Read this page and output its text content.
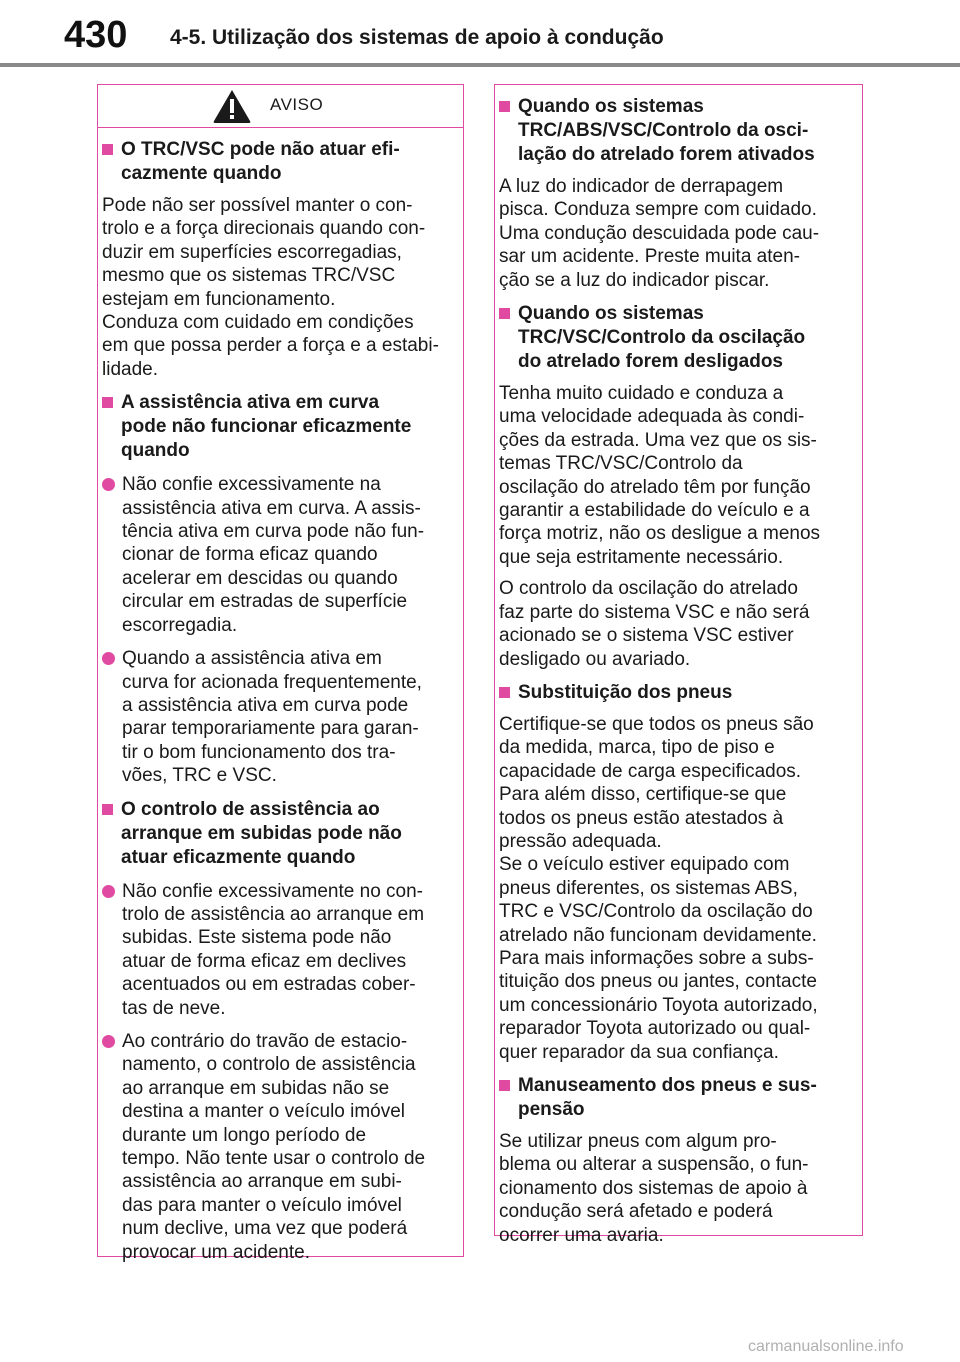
430 4-5. Utilização dos sistemas de apoio à condução
AVISO
O TRC/VSC pode não atuar efi-
cazmente quando
Pode não ser possível manter o con-
trolo e a força direcionais quando con-
duzir em superfícies escorregadias,
mesmo que os sistemas TRC/VSC
estejam em funcionamento.
Conduza com cuidado em condições
em que possa perder a força e a estabi-
lidade.
A assistência ativa em curva
pode não funcionar eficazmente
quando
Não confie excessivamente na
assistência ativa em curva. A assis-
tência ativa em curva pode não fun-
cionar de forma eficaz quando
acelerar em descidas ou quando
circular em estradas de superfície
escorregadia.
Quando a assistência ativa em
curva for acionada frequentemente,
a assistência ativa em curva pode
parar temporariamente para garan-
tir o bom funcionamento dos tra-
vões, TRC e VSC.
O controlo de assistência ao
arranque em subidas pode não
atuar eficazmente quando
Não confie excessivamente no con-
trolo de assistência ao arranque em
subidas. Este sistema pode não
atuar de forma eficaz em declives
acentuados ou em estradas cober-
tas de neve.
Ao contrário do travão de estacio-
namento, o controlo de assistência
ao arranque em subidas não se
destina a manter o veículo imóvel
durante um longo período de
tempo. Não tente usar o controlo de
assistência ao arranque em subi-
das para manter o veículo imóvel
num declive, uma vez que poderá
provocar um acidente.
Quando os sistemas
TRC/ABS/VSC/Controlo da osci-
lação do atrelado forem ativados
A luz do indicador de derrapagem
pisca. Conduza sempre com cuidado.
Uma condução descuidada pode cau-
sar um acidente. Preste muita aten-
ção se a luz do indicador piscar.
Quando os sistemas
TRC/VSC/Controlo da oscilação
do atrelado forem desligados
Tenha muito cuidado e conduza a
uma velocidade adequada às condi-
ções da estrada. Uma vez que os sis-
temas TRC/VSC/Controlo da
oscilação do atrelado têm por função
garantir a estabilidade do veículo e a
força motriz, não os desligue a menos
que seja estritamente necessário.
O controlo da oscilação do atrelado
faz parte do sistema VSC e não será
acionado se o sistema VSC estiver
desligado ou avariado.
Substituição dos pneus
Certifique-se que todos os pneus são
da medida, marca, tipo de piso e
capacidade de carga especificados.
Para além disso, certifique-se que
todos os pneus estão atestados à
pressão adequada.
Se o veículo estiver equipado com
pneus diferentes, os sistemas ABS,
TRC e VSC/Controlo da oscilação do
atrelado não funcionam devidamente.
Para mais informações sobre a subs-
tituição dos pneus ou jantes, contacte
um concessionário Toyota autorizado,
reparador Toyota autorizado ou qual-
quer reparador da sua confiança.
Manuseamento dos pneus e sus-
pensão
Se utilizar pneus com algum pro-
blema ou alterar a suspensão, o fun-
cionamento dos sistemas de apoio à
condução será afetado e poderá
ocorrer uma avaria.
carmanualsonline.info
